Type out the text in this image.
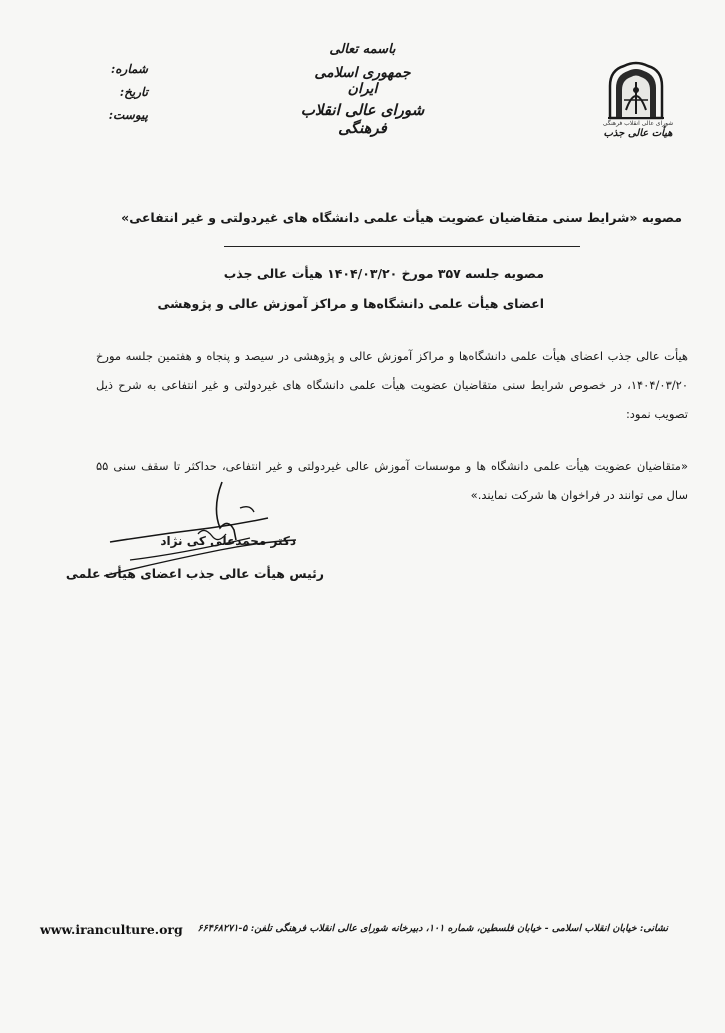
شماره:
تاریخ:
پیوست:
باسمه تعالی
جمهوری اسلامی ایران
شورای عالی انقلاب فرهنگی	شورای عالی انقلاب فرهنگی
هیأت عالی جذب
مصوبه «شرایط سنی متقاضیان عضویت هیأت علمی دانشگاه های غیردولتی و غیر انتفاعی»
مصوبه جلسه ۳۵۷ مورخ ۱۴۰۴/۰۳/۲۰ هیأت عالی جذب
اعضای هیأت علمی دانشگاه‌ها و مراکز آموزش عالی و پژوهشی
هیأت عالی جذب اعضای هیأت علمی دانشگاه‌ها و مراکز آموزش عالی و پژوهشی در سیصد و پنجاه و هفتمین جلسه مورخ ۱۴۰۴/۰۳/۲۰، در خصوص شرایط سنی متقاضیان عضویت هیأت علمی دانشگاه های غیردولتی و غیر انتفاعی به شرح ذیل تصویب نمود:
«متقاضیان عضویت هیأت علمی دانشگاه ها و موسسات آموزش عالی غیردولتی و غیر انتفاعی، حداکثر تا سقف سنی ۵۵ سال می توانند در فراخوان ها شرکت نمایند.»
دکتر محمدعلی کی نژاد
رئیس هیأت عالی جذب اعضای هیأت علمی
www.iranculture.org نشانی: خیابان انقلاب اسلامی - خیابان فلسطین، شماره ۱۰۱، دبیرخانه شورای عالی انقلاب فرهنگی تلفن: ۵-۶۶۴۶۸۲۷۱
